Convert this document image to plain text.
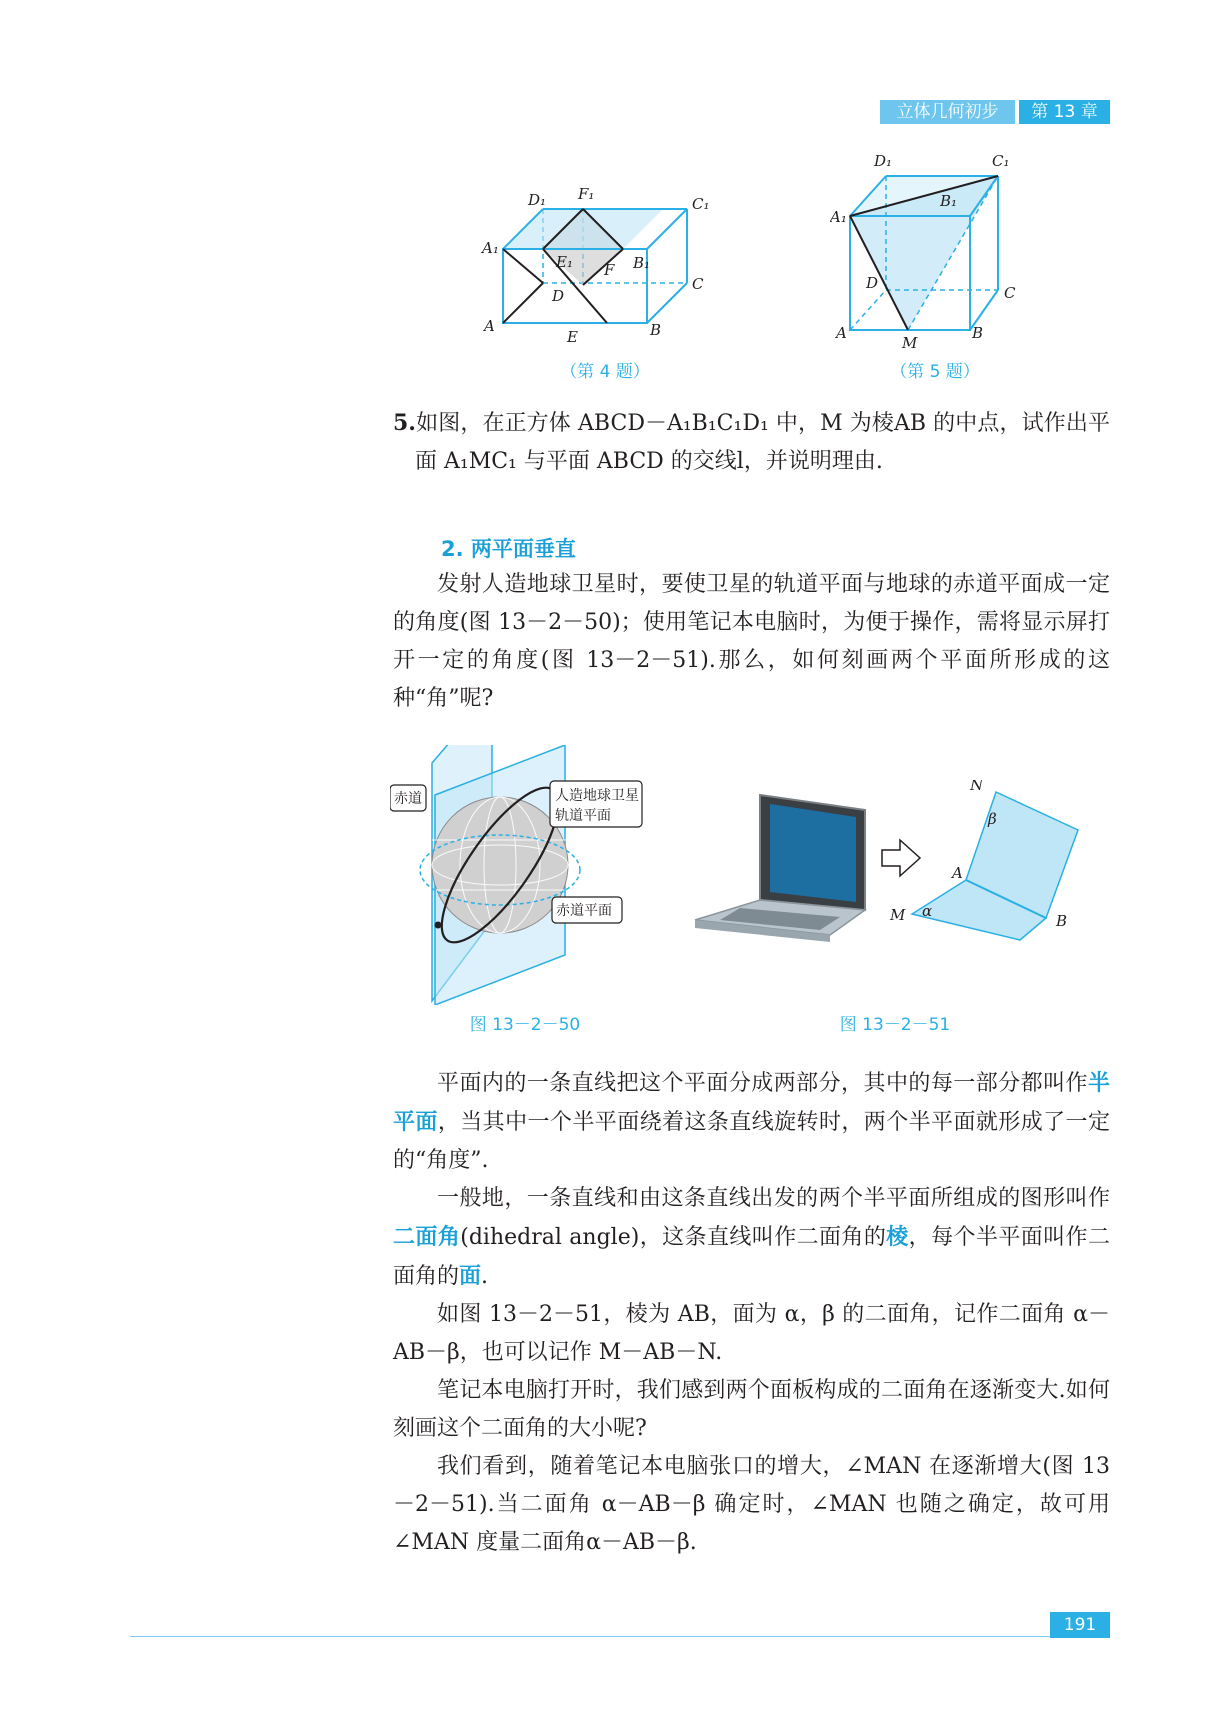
立体几何初步	第 13 章
D₁ F₁
C₁
A₁
E₁	B₁
F
D
C
A
E	B
（第 4 题）
D₁	C₁
B₁
A₁
D
C
A
M
B
（第 5 题）

5.如图，在正方体 ABCD－A₁B₁C₁D₁ 中，M 为棱AB 的中点，试作出平面 A₁MC₁ 与平面 ABCD 的交线l，并说明理由.

2. 两平面垂直

发射人造地球卫星时，要使卫星的轨道平面与地球的赤道平面成一定的角度(图 13－2－50)；使用笔记本电脑时，为便于操作，需将显示屏打开一定的角度(图 13－2－51).那么，如何刻画两个平面所形成的这种“角”呢?

赤道	人造地球卫星
轨道平面
赤道平面
图 13－2－50
N
β
A
M α
B
图 13－2－51

平面内的一条直线把这个平面分成两部分，其中的每一部分都叫作半平面，当其中一个半平面绕着这条直线旋转时，两个半平面就形成了一定的“角度”.

一般地，一条直线和由这条直线出发的两个半平面所组成的图形叫作二面角(dihedral angle)，这条直线叫作二面角的棱，每个半平面叫作二面角的面.

如图 13－2－51，棱为 AB，面为 α，β 的二面角，记作二面角 α－AB－β，也可以记作 M－AB－N.

笔记本电脑打开时，我们感到两个面板构成的二面角在逐渐变大.如何刻画这个二面角的大小呢?

我们看到，随着笔记本电脑张口的增大，∠MAN 在逐渐增大(图 13－2－51).当二面角 α－AB－β 确定时，∠MAN 也随之确定，故可用∠MAN 度量二面角α－AB－β.

191
